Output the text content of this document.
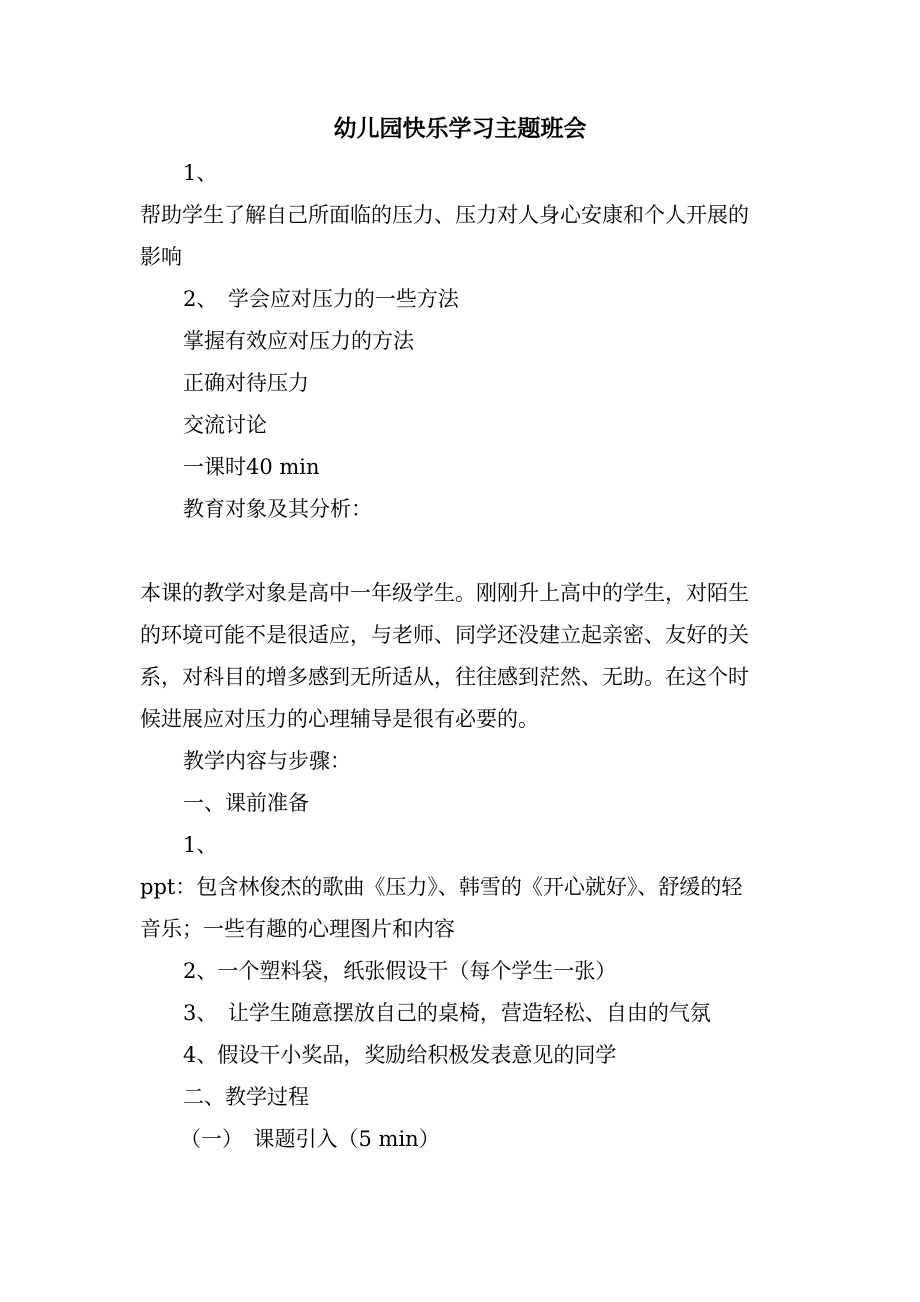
幼儿园快乐学习主题班会
1、
帮助学生了解自己所面临的压力、压力对人身心安康和个人开展的
影响
2、　学会应对压力的一些方法
掌握有效应对压力的方法
正确对待压力
交流讨论
一课时40 min
教育对象及其分析：
本课的教学对象是高中一年级学生。刚刚升上高中的学生，对陌生
的环境可能不是很适应，与老师、同学还没建立起亲密、友好的关
系，对科目的增多感到无所适从，往往感到茫然、无助。在这个时
候进展应对压力的心理辅导是很有必要的。
教学内容与步骤：
一、课前准备
1、
ppt：包含林俊杰的歌曲《压力》、韩雪的《开心就好》、舒缓的轻
音乐；一些有趣的心理图片和内容
2、一个塑料袋，纸张假设干（每个学生一张）
3、　让学生随意摆放自己的桌椅，营造轻松、自由的气氛
4、假设干小奖品，奖励给积极发表意见的同学
二、教学过程
（一）　课题引入（5 min）
